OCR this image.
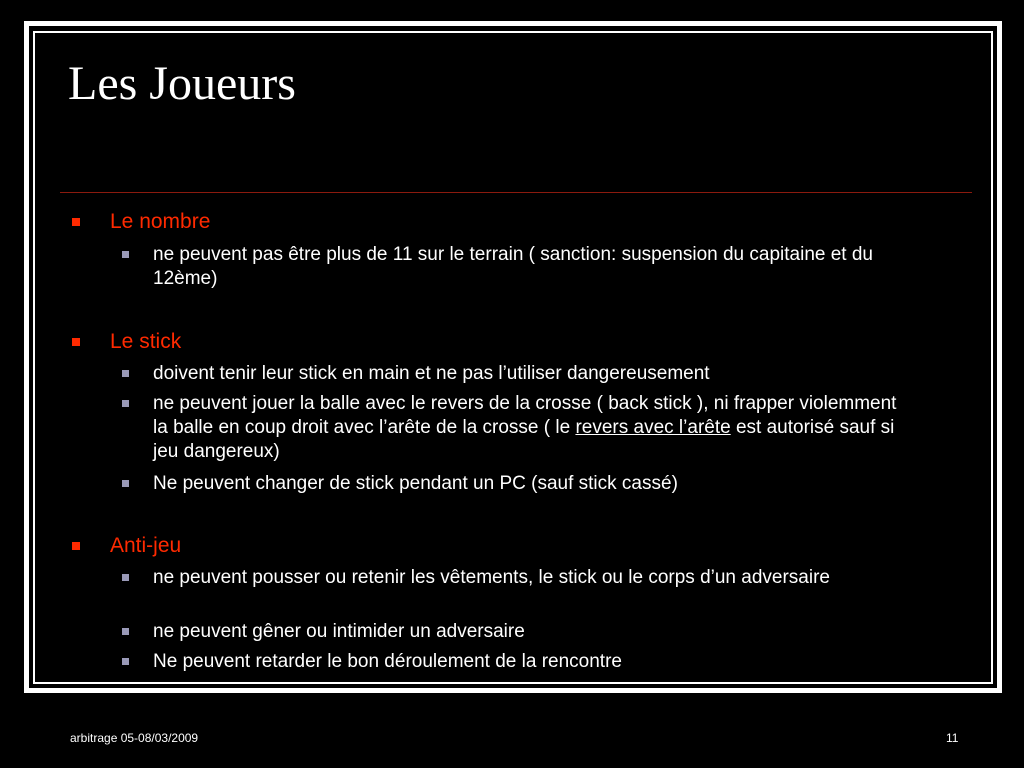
Les Joueurs
Le nombre
ne peuvent pas être plus de 11 sur le terrain ( sanction: suspension du capitaine et du 12ème)
Le stick
doivent tenir leur stick en main et ne pas l’utiliser dangereusement
ne peuvent jouer la balle avec le revers de la crosse ( back stick ), ni frapper violemment la balle en coup droit avec l’arête de la crosse ( le revers avec l’arête est autorisé sauf si jeu dangereux)
Ne peuvent changer de stick pendant un PC (sauf stick cassé)
Anti-jeu
ne peuvent pousser ou retenir les vêtements, le stick ou le corps d’un adversaire
ne peuvent gêner ou intimider un adversaire
Ne peuvent retarder le bon déroulement de la rencontre
arbitrage 05-08/03/2009	11
